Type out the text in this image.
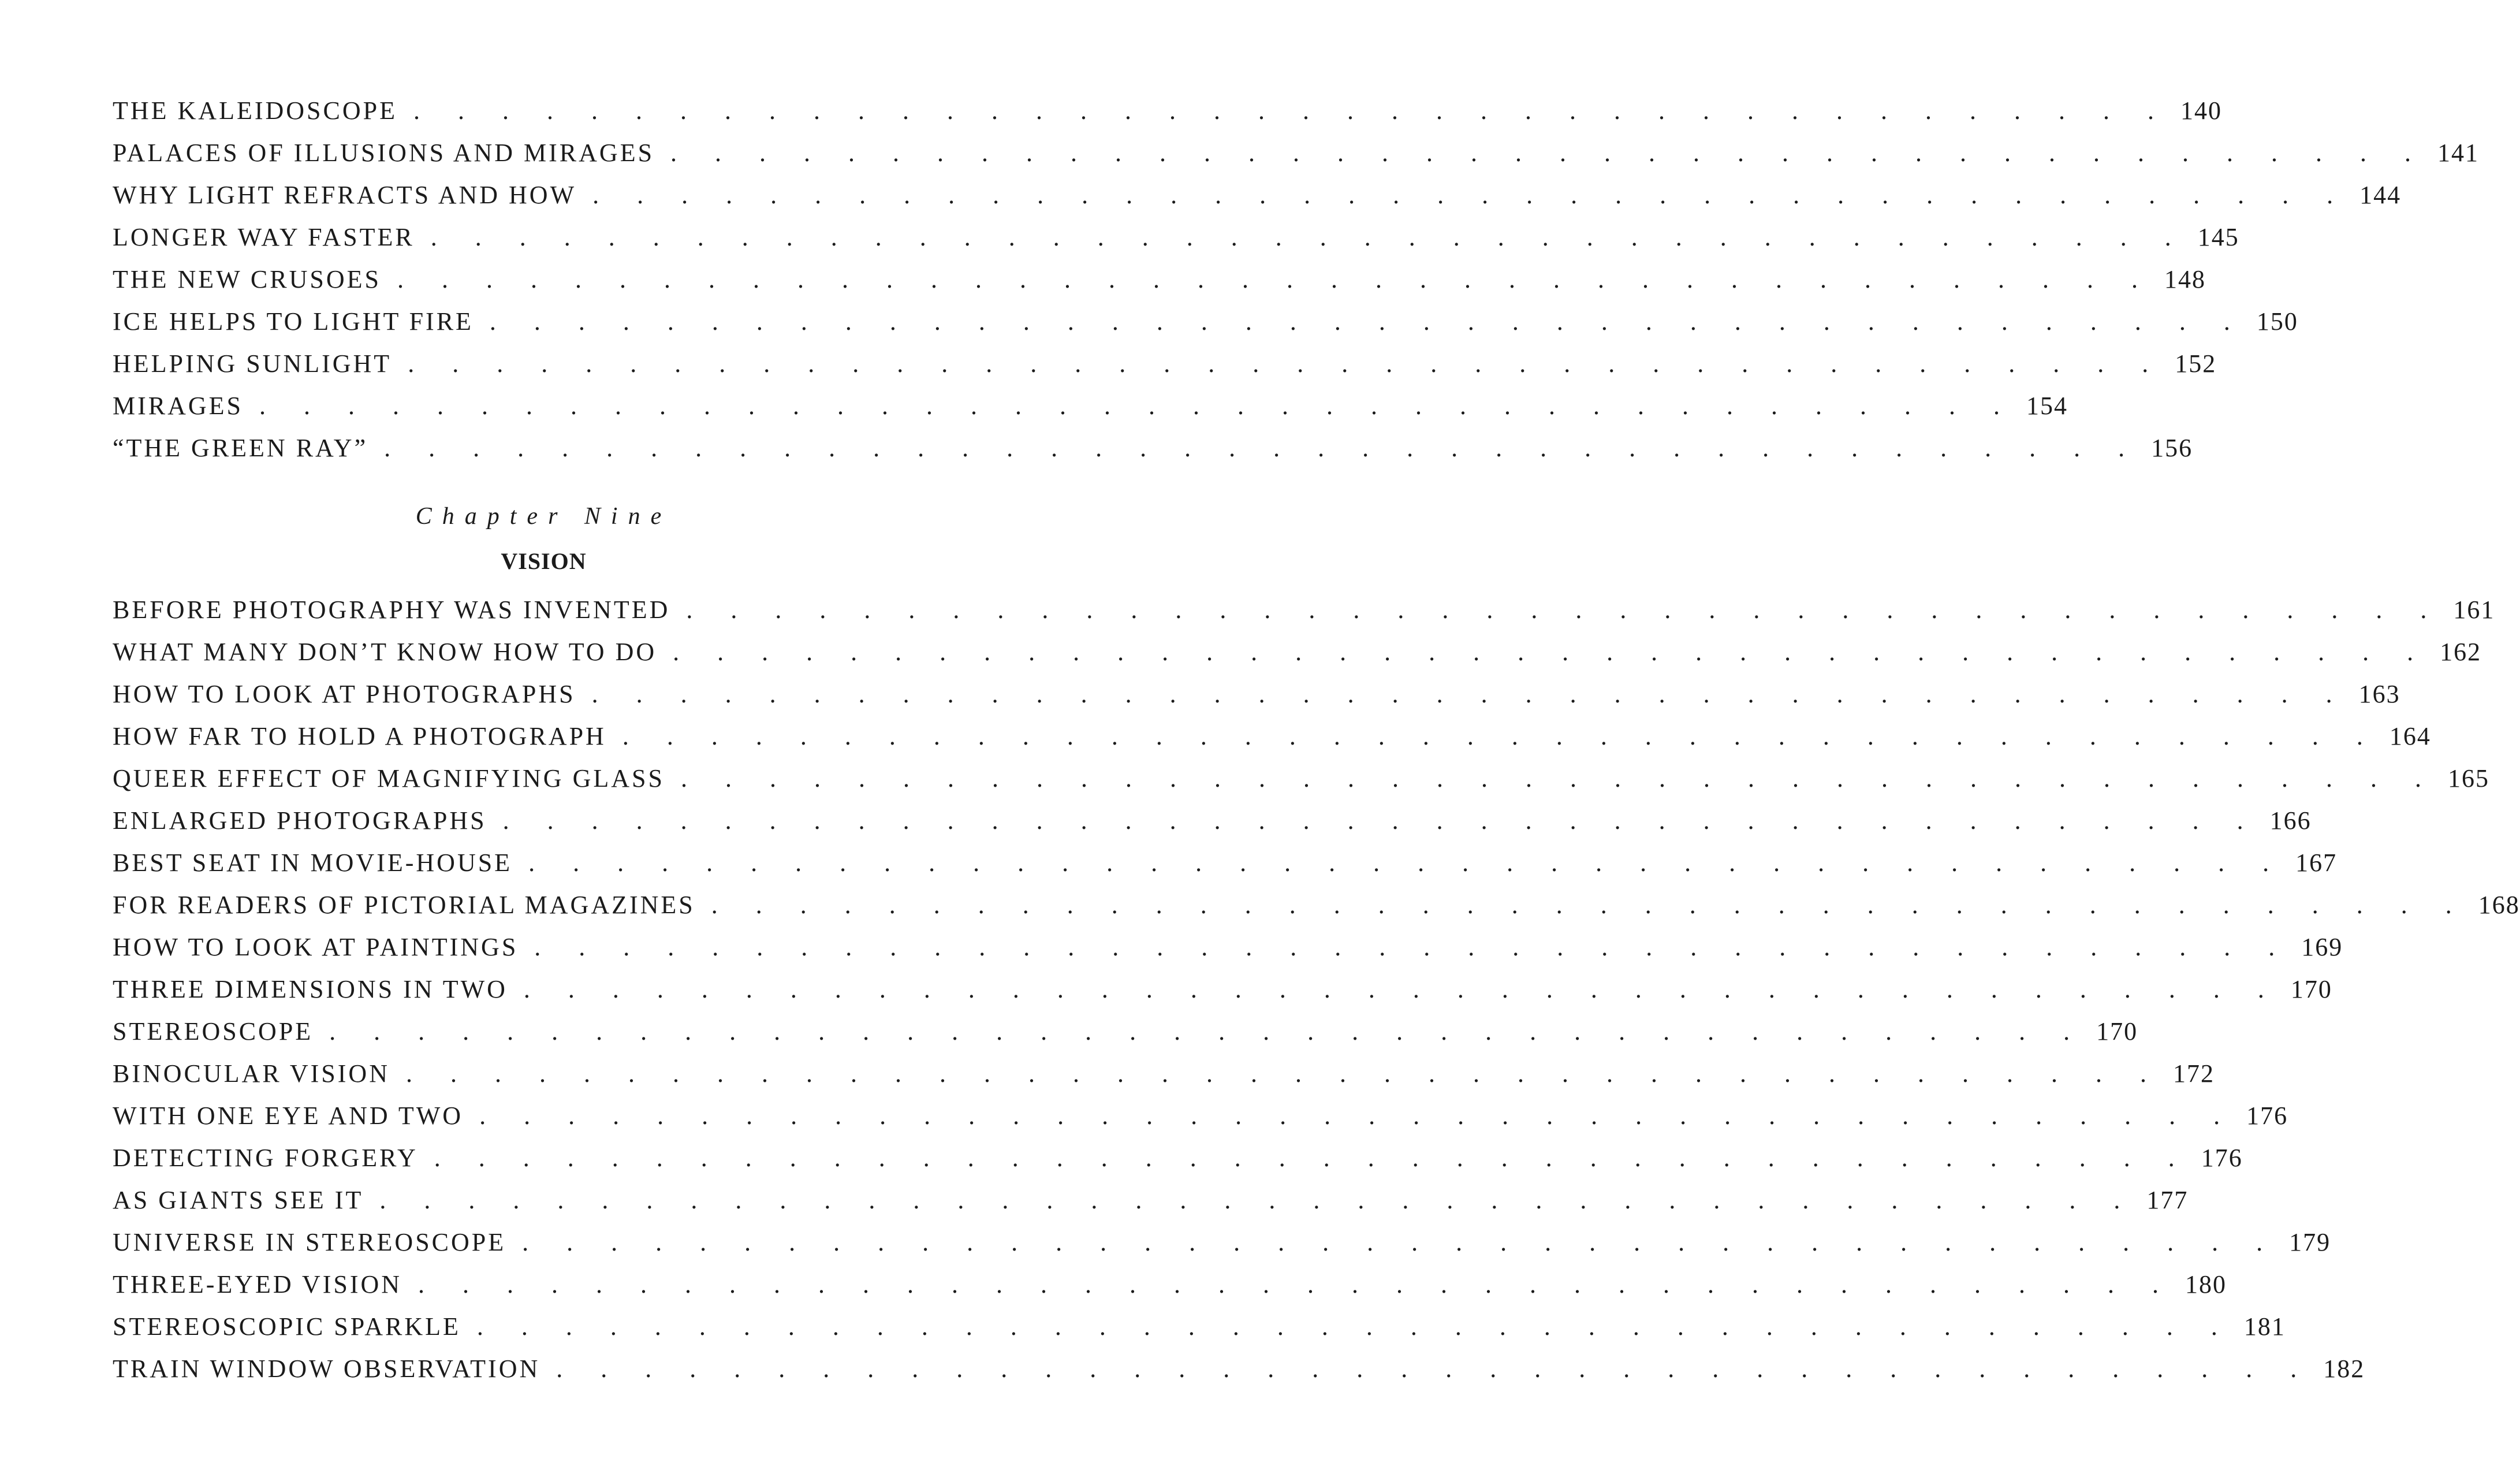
THE KALEIDOSCOPE .  .  .  .  .  .  .  .  .  .  .  .  .  .  .  .  .  .  .  .  .  .  .  .  .  .  .  .  .  .  .  .  .  .  .  .  .  .  .  .	140
PALACES OF ILLUSIONS AND MIRAGES .  .  .  .  .  .  .  .  .  .  .  .  .  .  .  .  .  .  .  .  .  .  .  .  .  .  .  .  .  .  .  .  .  .  .  .  .  .  .  .	141
WHY LIGHT REFRACTS AND HOW .  .  .  .  .  .  .  .  .  .  .  .  .  .  .  .  .  .  .  .  .  .  .  .  .  .  .  .  .  .  .  .  .  .  .  .  .  .  .  .	144
LONGER WAY FASTER .  .  .  .  .  .  .  .  .  .  .  .  .  .  .  .  .  .  .  .  .  .  .  .  .  .  .  .  .  .  .  .  .  .  .  .  .  .  .  .	145
THE NEW CRUSOES .  .  .  .  .  .  .  .  .  .  .  .  .  .  .  .  .  .  .  .  .  .  .  .  .  .  .  .  .  .  .  .  .  .  .  .  .  .  .  .	148
ICE HELPS TO LIGHT FIRE .  .  .  .  .  .  .  .  .  .  .  .  .  .  .  .  .  .  .  .  .  .  .  .  .  .  .  .  .  .  .  .  .  .  .  .  .  .  .  .	150
HELPING SUNLIGHT .  .  .  .  .  .  .  .  .  .  .  .  .  .  .  .  .  .  .  .  .  .  .  .  .  .  .  .  .  .  .  .  .  .  .  .  .  .  .  .	152
MIRAGES .  .  .  .  .  .  .  .  .  .  .  .  .  .  .  .  .  .  .  .  .  .  .  .  .  .  .  .  .  .  .  .  .  .  .  .  .  .  .  .	154
“THE GREEN RAY” .  .  .  .  .  .  .  .  .  .  .  .  .  .  .  .  .  .  .  .  .  .  .  .  .  .  .  .  .  .  .  .  .  .  .  .  .  .  .  .	156
Chapter Nine
VISION
BEFORE PHOTOGRAPHY WAS INVENTED .  .  .  .  .  .  .  .  .  .  .  .  .  .  .  .  .  .  .  .  .  .  .  .  .  .  .  .  .  .  .  .  .  .  .  .  .  .  .  .	161
WHAT MANY DON’T KNOW HOW TO DO .  .  .  .  .  .  .  .  .  .  .  .  .  .  .  .  .  .  .  .  .  .  .  .  .  .  .  .  .  .  .  .  .  .  .  .  .  .  .  .	162
HOW TO LOOK AT PHOTOGRAPHS .  .  .  .  .  .  .  .  .  .  .  .  .  .  .  .  .  .  .  .  .  .  .  .  .  .  .  .  .  .  .  .  .  .  .  .  .  .  .  .	163
HOW FAR TO HOLD A PHOTOGRAPH .  .  .  .  .  .  .  .  .  .  .  .  .  .  .  .  .  .  .  .  .  .  .  .  .  .  .  .  .  .  .  .  .  .  .  .  .  .  .  .	164
QUEER EFFECT OF MAGNIFYING GLASS .  .  .  .  .  .  .  .  .  .  .  .  .  .  .  .  .  .  .  .  .  .  .  .  .  .  .  .  .  .  .  .  .  .  .  .  .  .  .  .	165
ENLARGED PHOTOGRAPHS .  .  .  .  .  .  .  .  .  .  .  .  .  .  .  .  .  .  .  .  .  .  .  .  .  .  .  .  .  .  .  .  .  .  .  .  .  .  .  .	166
BEST SEAT IN MOVIE-HOUSE .  .  .  .  .  .  .  .  .  .  .  .  .  .  .  .  .  .  .  .  .  .  .  .  .  .  .  .  .  .  .  .  .  .  .  .  .  .  .  .	167
FOR READERS OF PICTORIAL MAGAZINES .  .  .  .  .  .  .  .  .  .  .  .  .  .  .  .  .  .  .  .  .  .  .  .  .  .  .  .  .  .  .  .  .  .  .  .  .  .  .  .	168
HOW TO LOOK AT PAINTINGS .  .  .  .  .  .  .  .  .  .  .  .  .  .  .  .  .  .  .  .  .  .  .  .  .  .  .  .  .  .  .  .  .  .  .  .  .  .  .  .	169
THREE DIMENSIONS IN TWO .  .  .  .  .  .  .  .  .  .  .  .  .  .  .  .  .  .  .  .  .  .  .  .  .  .  .  .  .  .  .  .  .  .  .  .  .  .  .  .	170
STEREOSCOPE .  .  .  .  .  .  .  .  .  .  .  .  .  .  .  .  .  .  .  .  .  .  .  .  .  .  .  .  .  .  .  .  .  .  .  .  .  .  .  .	170
BINOCULAR VISION .  .  .  .  .  .  .  .  .  .  .  .  .  .  .  .  .  .  .  .  .  .  .  .  .  .  .  .  .  .  .  .  .  .  .  .  .  .  .  .	172
WITH ONE EYE AND TWO .  .  .  .  .  .  .  .  .  .  .  .  .  .  .  .  .  .  .  .  .  .  .  .  .  .  .  .  .  .  .  .  .  .  .  .  .  .  .  .	176
DETECTING FORGERY .  .  .  .  .  .  .  .  .  .  .  .  .  .  .  .  .  .  .  .  .  .  .  .  .  .  .  .  .  .  .  .  .  .  .  .  .  .  .  .	176
AS GIANTS SEE IT .  .  .  .  .  .  .  .  .  .  .  .  .  .  .  .  .  .  .  .  .  .  .  .  .  .  .  .  .  .  .  .  .  .  .  .  .  .  .  .	177
UNIVERSE IN STEREOSCOPE .  .  .  .  .  .  .  .  .  .  .  .  .  .  .  .  .  .  .  .  .  .  .  .  .  .  .  .  .  .  .  .  .  .  .  .  .  .  .  .	179
THREE-EYED VISION .  .  .  .  .  .  .  .  .  .  .  .  .  .  .  .  .  .  .  .  .  .  .  .  .  .  .  .  .  .  .  .  .  .  .  .  .  .  .  .	180
STEREOSCOPIC SPARKLE .  .  .  .  .  .  .  .  .  .  .  .  .  .  .  .  .  .  .  .  .  .  .  .  .  .  .  .  .  .  .  .  .  .  .  .  .  .  .  .	181
TRAIN WINDOW OBSERVATION .  .  .  .  .  .  .  .  .  .  .  .  .  .  .  .  .  .  .  .  .  .  .  .  .  .  .  .  .  .  .  .  .  .  .  .  .  .  .  .	182
